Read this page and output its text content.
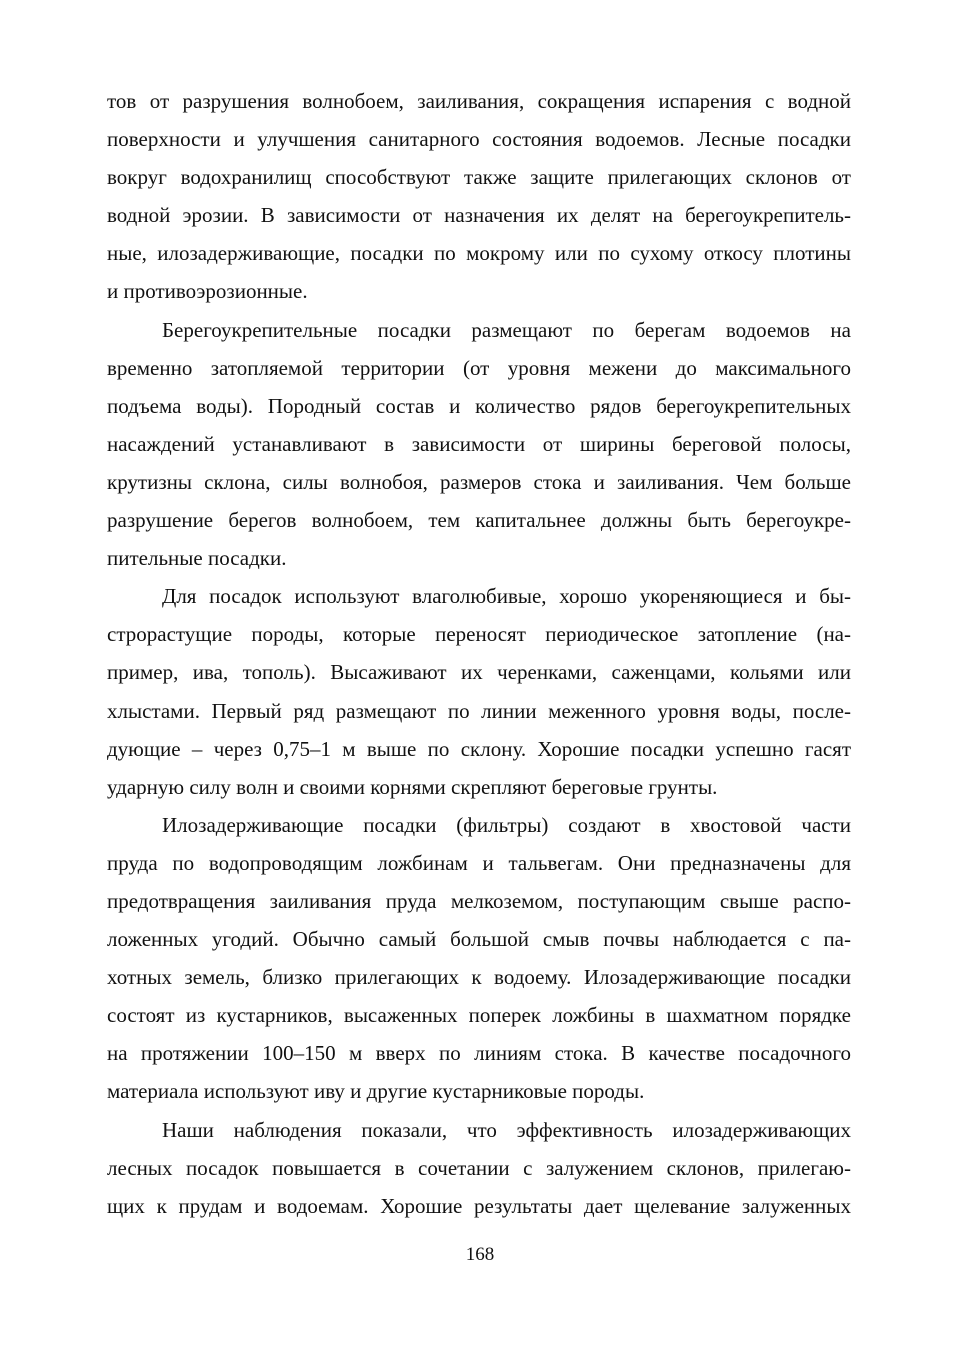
тов от разрушения волнобоем, заиливания, сокращения испарения с водной
поверхности и улучшения санитарного состояния водоемов. Лесные посадки
вокруг водохранилищ способствуют также защите прилегающих склонов от
водной эрозии. В зависимости от назначения их делят на берегоукрепитель-
ные, илозадерживающие, посадки по мокрому или по сухому откосу плотины
и противоэрозионные.
Берегоукрепительные посадки размещают по берегам водоемов на
временно затопляемой территории (от уровня межени до максимального
подъема воды). Породный состав и количество рядов берегоукрепительных
насаждений устанавливают в зависимости от ширины береговой полосы,
крутизны склона, силы волнобоя, размеров стока и заиливания. Чем больше
разрушение берегов волнобоем, тем капитальнее должны быть берегоукре-
пительные посадки.
Для посадок используют влаголюбивые, хорошо укореняющиеся и бы-
строрастущие породы, которые переносят периодическое затопление (на-
пример, ива, тополь). Высаживают их черенками, саженцами, кольями или
хлыстами. Первый ряд размещают по линии меженного уровня воды, после-
дующие – через 0,75–1 м выше по склону. Хорошие посадки успешно гасят
ударную силу волн и своими корнями скрепляют береговые грунты.
Илозадерживающие посадки (фильтры) создают в хвостовой части
пруда по водопроводящим ложбинам и тальвегам. Они предназначены для
предотвращения заиливания пруда мелкоземом, поступающим свыше распо-
ложенных угодий. Обычно самый большой смыв почвы наблюдается с па-
хотных земель, близко прилегающих к водоему. Илозадерживающие посадки
состоят из кустарников, высаженных поперек ложбины в шахматном порядке
на протяжении 100–150 м вверх по линиям стока. В качестве посадочного
материала используют иву и другие кустарниковые породы.
Наши наблюдения показали, что эффективность илозадерживающих
лесных посадок повышается в сочетании с залужением склонов, прилегаю-
щих к прудам и водоемам. Хорошие результаты дает щелевание залуженных
168
